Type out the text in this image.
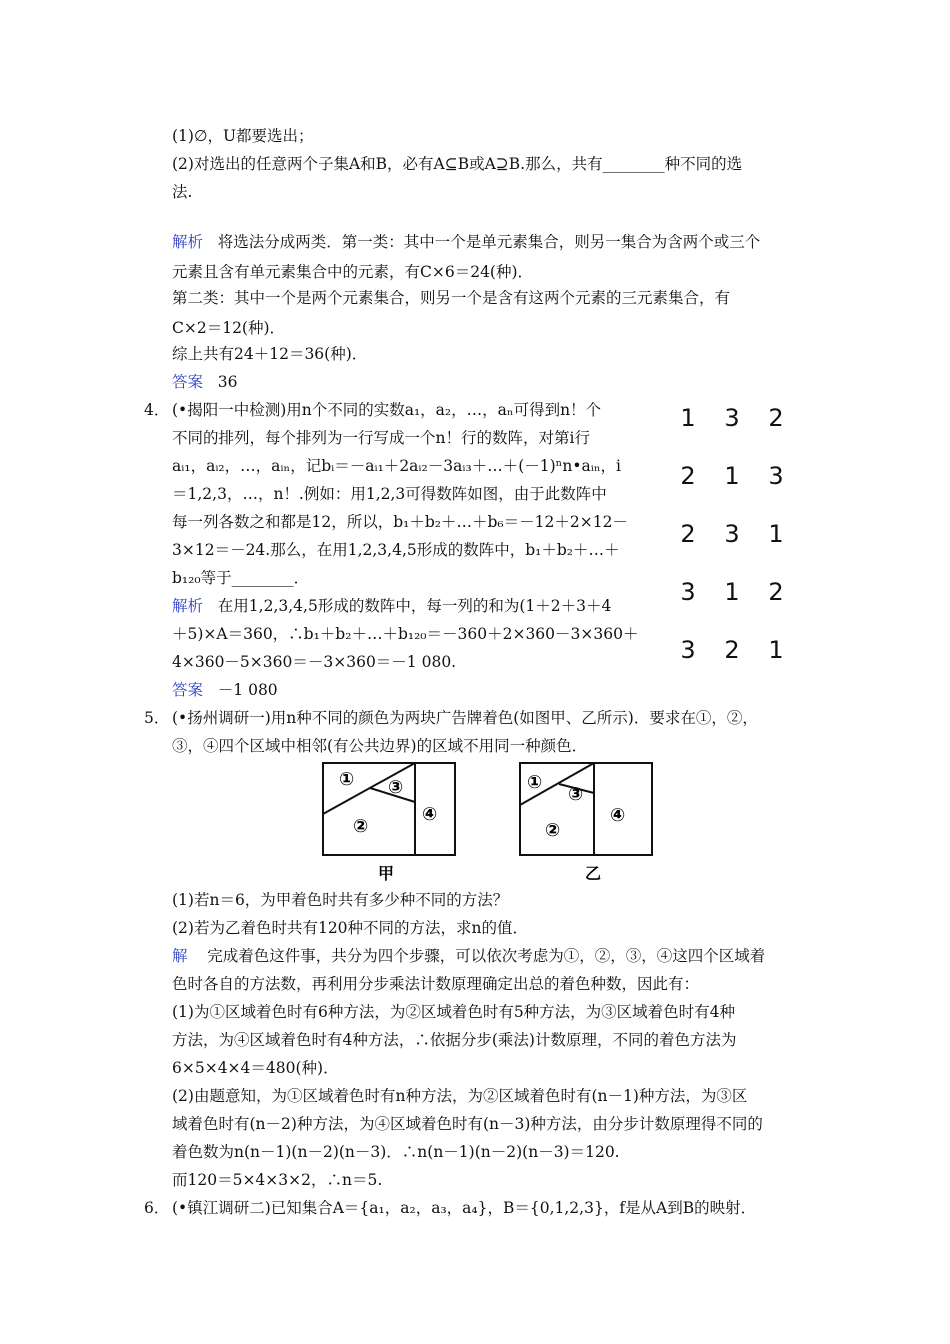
(1)∅，U都要选出；
(2)对选出的任意两个子集A和B，必有A⊆B或A⊇B.那么，共有________种不同的选
法.
解析 将选法分成两类．第一类：其中一个是单元素集合，则另一集合为含两个或三个
元素且含有单元素集合中的元素，有C×6＝24(种)．
第二类：其中一个是两个元素集合，则另一个是含有这两个元素的三元素集合，有
C×2＝12(种)．
综上共有24＋12＝36(种)．
答案 36
4． (•揭阳一中检测)用n个不同的实数a₁，a₂，…，aₙ可得到n！个
不同的排列，每个排列为一行写成一个n！行的数阵，对第i行
aᵢ₁，aᵢ₂，…，aᵢₙ，记bᵢ＝－aᵢ₁＋2aᵢ₂－3aᵢ₃＋…＋(－1)ⁿn•aᵢₙ，i
＝1,2,3，…，n！.例如：用1,2,3可得数阵如图，由于此数阵中
每一列各数之和都是12，所以，b₁＋b₂＋…＋b₆＝－12＋2×12－
3×12＝－24.那么，在用1,2,3,4,5形成的数阵中，b₁＋b₂＋…＋
b₁₂₀等于________．
解析 在用1,2,3,4,5形成的数阵中，每一列的和为(1＋2＋3＋4
＋5)×A＝360，∴b₁＋b₂＋…＋b₁₂₀＝－360＋2×360－3×360＋
4×360－5×360＝－3×360＝－1 080.
答案 －1 080
1 3 2
2 1 3
2 3 1
3 1 2
3 2 1
5． (•扬州调研一)用n种不同的颜色为两块广告牌着色(如图甲、乙所示)．要求在①，②，
③，④四个区域中相邻(有公共边界)的区域不用同一种颜色．
① ③
②
④
甲
①
③
②
④
乙
(1)若n＝6，为甲着色时共有多少种不同的方法？
(2)若为乙着色时共有120种不同的方法，求n的值．
解 完成着色这件事，共分为四个步骤，可以依次考虑为①，②，③，④这四个区域着
色时各自的方法数，再利用分步乘法计数原理确定出总的着色种数，因此有：
(1)为①区域着色时有6种方法，为②区域着色时有5种方法，为③区域着色时有4种
方法，为④区域着色时有4种方法，∴依据分步(乘法)计数原理，不同的着色方法为
6×5×4×4＝480(种)．
(2)由题意知，为①区域着色时有n种方法，为②区域着色时有(n－1)种方法，为③区
域着色时有(n－2)种方法，为④区域着色时有(n－3)种方法，由分步计数原理得不同的
着色数为n(n－1)(n－2)(n－3)．∴n(n－1)(n－2)(n－3)＝120.
而120＝5×4×3×2，∴n＝5.
6． (•镇江调研二)已知集合A＝{a₁，a₂，a₃，a₄}，B＝{0,1,2,3}，f是从A到B的映射．
